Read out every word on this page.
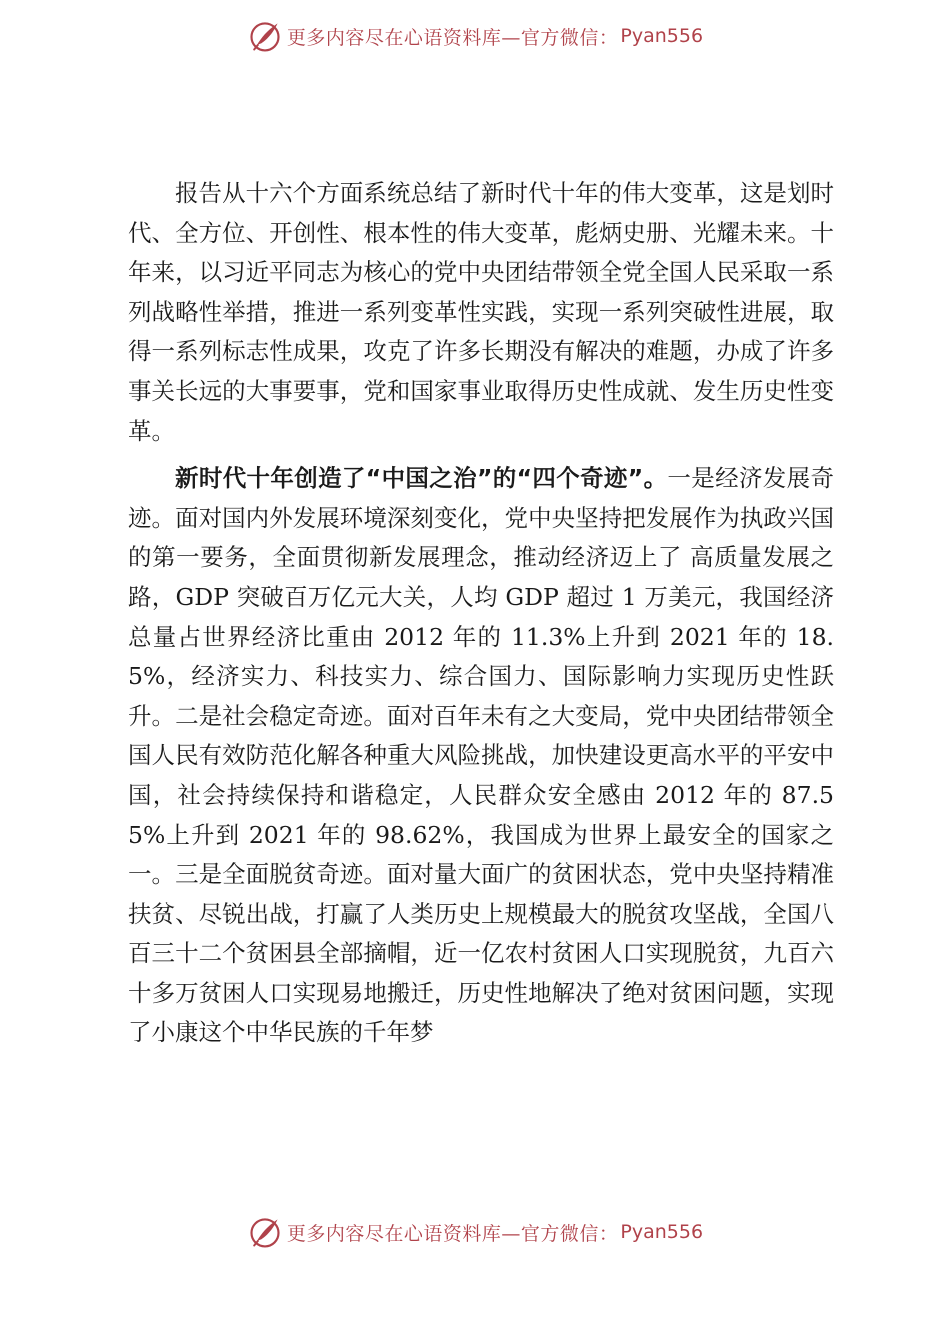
更多内容尽在心语资料库—官方微信： Pyan556

报告从十六个方面系统总结了新时代十年的伟大变革，这是划时代、全方位、开创性、根本性的伟大变革，彪炳史册、光耀未来。十年来，以习近平同志为核心的党中央团结带领全党全国人民采取一系列战略性举措，推进一系列变革性实践，实现一系列突破性进展，取得一系列标志性成果，攻克了许多长期没有解决的难题，办成了许多事关长远的大事要事，党和国家事业取得历史性成就、发生历史性变革。

新时代十年创造了“中国之治”的“四个奇迹”。一是经济发展奇迹。面对国内外发展环境深刻变化，党中央坚持把发展作为执政兴国的第一要务，全面贯彻新发展理念，推动经济迈上了 高质量发展之路，GDP 突破百万亿元大关，人均 GDP 超过 1 万美元，我国经济总量占世界经济比重由 2012 年的 11.3%上升到 2021 年的 18.5%，经济实力、科技实力、综合国力、国际影响力实现历史性跃升。二是社会稳定奇迹。面对百年未有之大变局，党中央团结带领全国人民有效防范化解各种重大风险挑战，加快建设更高水平的平安中国，社会持续保持和谐稳定，人民群众安全感由 2012 年的 87.55%上升到 2021 年的 98.62%，我国成为世界上最安全的国家之一。三是全面脱贫奇迹。面对量大面广的贫困状态，党中央坚持精准扶贫、尽锐出战，打赢了人类历史上规模最大的脱贫攻坚战，全国八百三十二个贫困县全部摘帽，近一亿农村贫困人口实现脱贫，九百六十多万贫困人口实现易地搬迁，历史性地解决了绝对贫困问题，实现了小康这个中华民族的千年梦

更多内容尽在心语资料库—官方微信： Pyan556
